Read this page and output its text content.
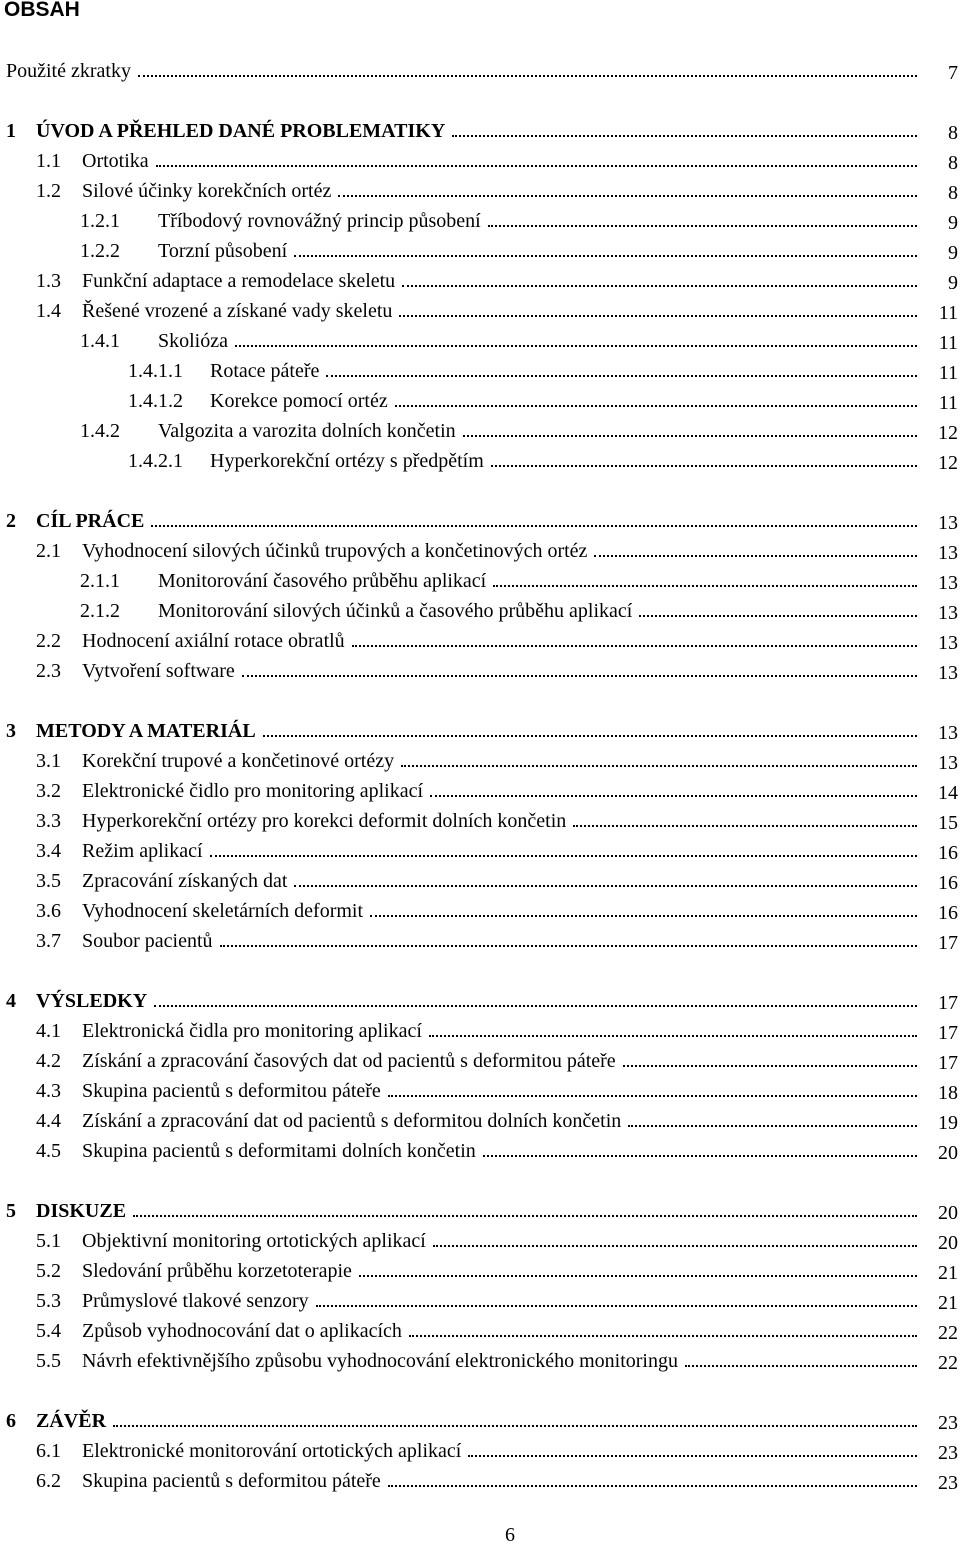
OBSAH
Použité zkratky	7
1 ÚVOD A PŘEHLED DANÉ PROBLEMATIKY	8
1.1 Ortotika	8
1.2 Silové účinky korekčních ortéz	8
1.2.1 Tříbodový rovnovážný princip působení	9
1.2.2 Torzní působení	9
1.3 Funkční adaptace a remodelace skeletu	9
1.4 Řešené vrozené a získané vady skeletu	11
1.4.1 Skolióza	11
1.4.1.1 Rotace páteře	11
1.4.1.2 Korekce pomocí ortéz	11
1.4.2 Valgozita a varozita dolních končetin	12
1.4.2.1 Hyperkorekční ortézy s předpětím	12
2 CÍL PRÁCE	13
2.1 Vyhodnocení silových účinků trupových a končetinových ortéz	13
2.1.1 Monitorování časového průběhu aplikací	13
2.1.2 Monitorování silových účinků a časového průběhu aplikací	13
2.2 Hodnocení axiální rotace obratlů	13
2.3 Vytvoření software	13
3 METODY A MATERIÁL	13
3.1 Korekční trupové a končetinové ortézy	13
3.2 Elektronické čidlo pro monitoring aplikací	14
3.3 Hyperkorekční ortézy pro korekci deformit dolních končetin	15
3.4 Režim aplikací	16
3.5 Zpracování získaných dat	16
3.6 Vyhodnocení skeletárních deformit	16
3.7 Soubor pacientů	17
4 VÝSLEDKY	17
4.1 Elektronická čidla pro monitoring aplikací	17
4.2 Získání a zpracování časových dat od pacientů s deformitou páteře	17
4.3 Skupina pacientů s deformitou páteře	18
4.4 Získání a zpracování dat od pacientů s deformitou dolních končetin	19
4.5 Skupina pacientů s deformitami dolních končetin	20
5 DISKUZE	20
5.1 Objektivní monitoring ortotických aplikací	20
5.2 Sledování průběhu korzetoterapie	21
5.3 Průmyslové tlakové senzory	21
5.4 Způsob vyhodnocování dat o aplikacích	22
5.5 Návrh efektivnějšího způsobu vyhodnocování elektronického monitoringu	22
6 ZÁVĚR	23
6.1 Elektronické monitorování ortotických aplikací	23
6.2 Skupina pacientů s deformitou páteře	23
6
